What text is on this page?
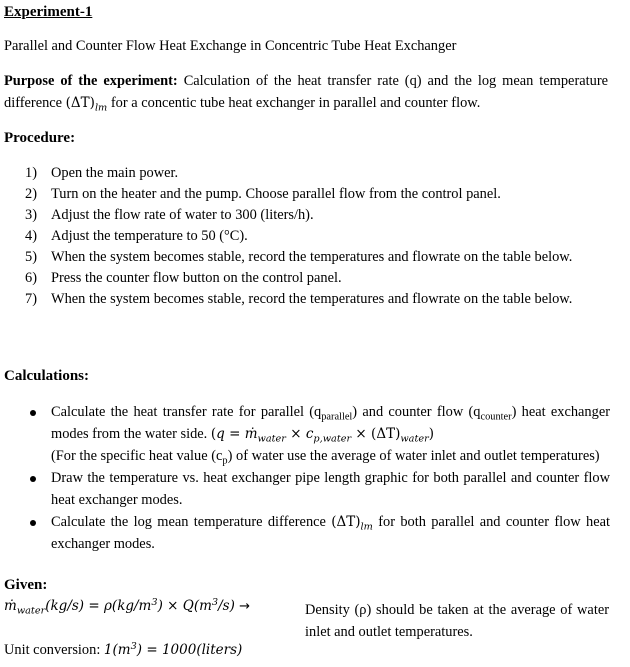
Experiment-1
Parallel and Counter Flow Heat Exchange in Concentric Tube Heat Exchanger
Purpose of the experiment: Calculation of the heat transfer rate (q) and the log mean temperature difference $(\Delta T)_{lm}$ for a concentic tube heat exchanger in parallel and counter flow.
Procedure:
1) Open the main power.
2) Turn on the heater and the pump. Choose parallel flow from the control panel.
3) Adjust the flow rate of water to 300 (liters/h).
4) Adjust the temperature to 50 (°C).
5) When the system becomes stable, record the temperatures and flowrate on the table below.
6) Press the counter flow button on the control panel.
7) When the system becomes stable, record the temperatures and flowrate on the table below.
Calculations:
Calculate the heat transfer rate for parallel $(q_{parallel})$ and counter flow $(q_{counter})$ heat exchanger modes from the water side. (q = ṁ$_{water}$ × $c_{p,water} \times (\Delta T)_{water}$)
(For the specific heat value $(c_p)$ of water use the average of water inlet and outlet temperatures)
Draw the temperature vs. heat exchanger pipe length graphic for both parallel and counter flow heat exchanger modes.
Calculate the log mean temperature difference $(\Delta T)_{lm}$ for both parallel and counter flow heat exchanger modes.
Given:
ṁ$_{water}$(kg/s) = $\rho(kg/m^3) \times Q(m^3/s)$ →	Density (ρ) should be taken at the average of water inlet and outlet temperatures.
Unit conversion: $1(m^3)$ = 1000(liters)
